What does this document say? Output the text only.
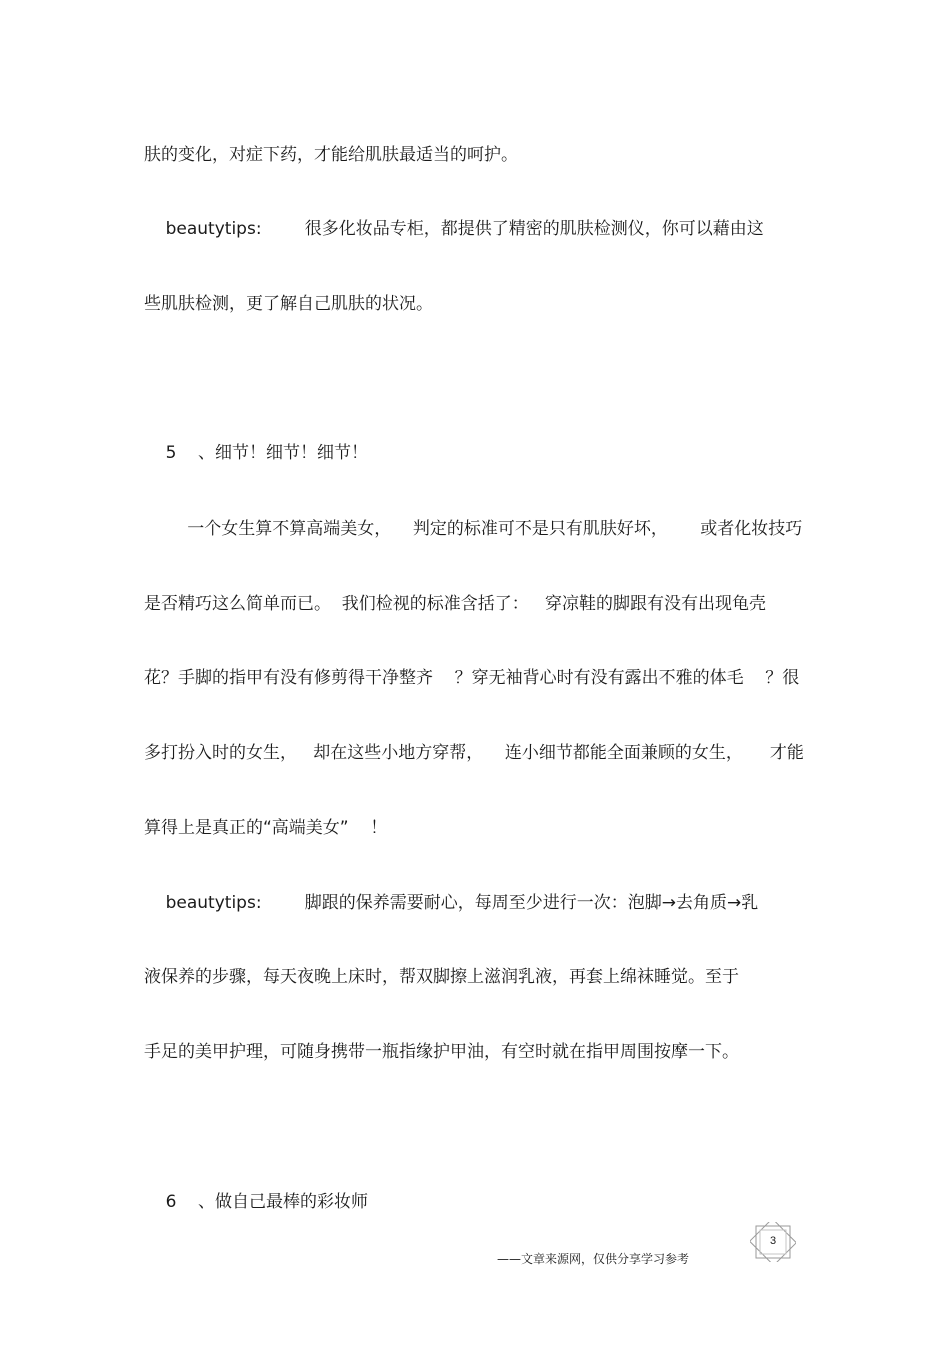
肤的变化，对症下药，才能给肌肤最适当的呵护。

beautytips:        很多化妆品专柜，都提供了精密的肌肤检测仪，你可以藉由这

些肌肤检测，更了解自己肌肤的状况。

5    、细节！细节！细节！

一个女生算不算高端美女，    判定的标准可不是只有肌肤好坏，      或者化妆技巧

是否精巧这么简单而已。  我们检视的标准含括了：   穿凉鞋的脚跟有没有出现龟壳

花？手脚的指甲有没有修剪得干净整齐    ？穿无袖背心时有没有露出不雅的体毛    ？很

多打扮入时的女生，   却在这些小地方穿帮，    连小细节都能全面兼顾的女生，     才能

算得上是真正的“高端美女”    ！

beautytips:        脚跟的保养需要耐心，每周至少进行一次：泡脚→去角质→乳

液保养的步骤，每天夜晚上床时，帮双脚擦上滋润乳液，再套上绵袜睡觉。至于

手足的美甲护理，可随身携带一瓶指缘护甲油，有空时就在指甲周围按摩一下。

6    、做自己最棒的彩妆师

——文章来源网，仅供分享学习参考
3
